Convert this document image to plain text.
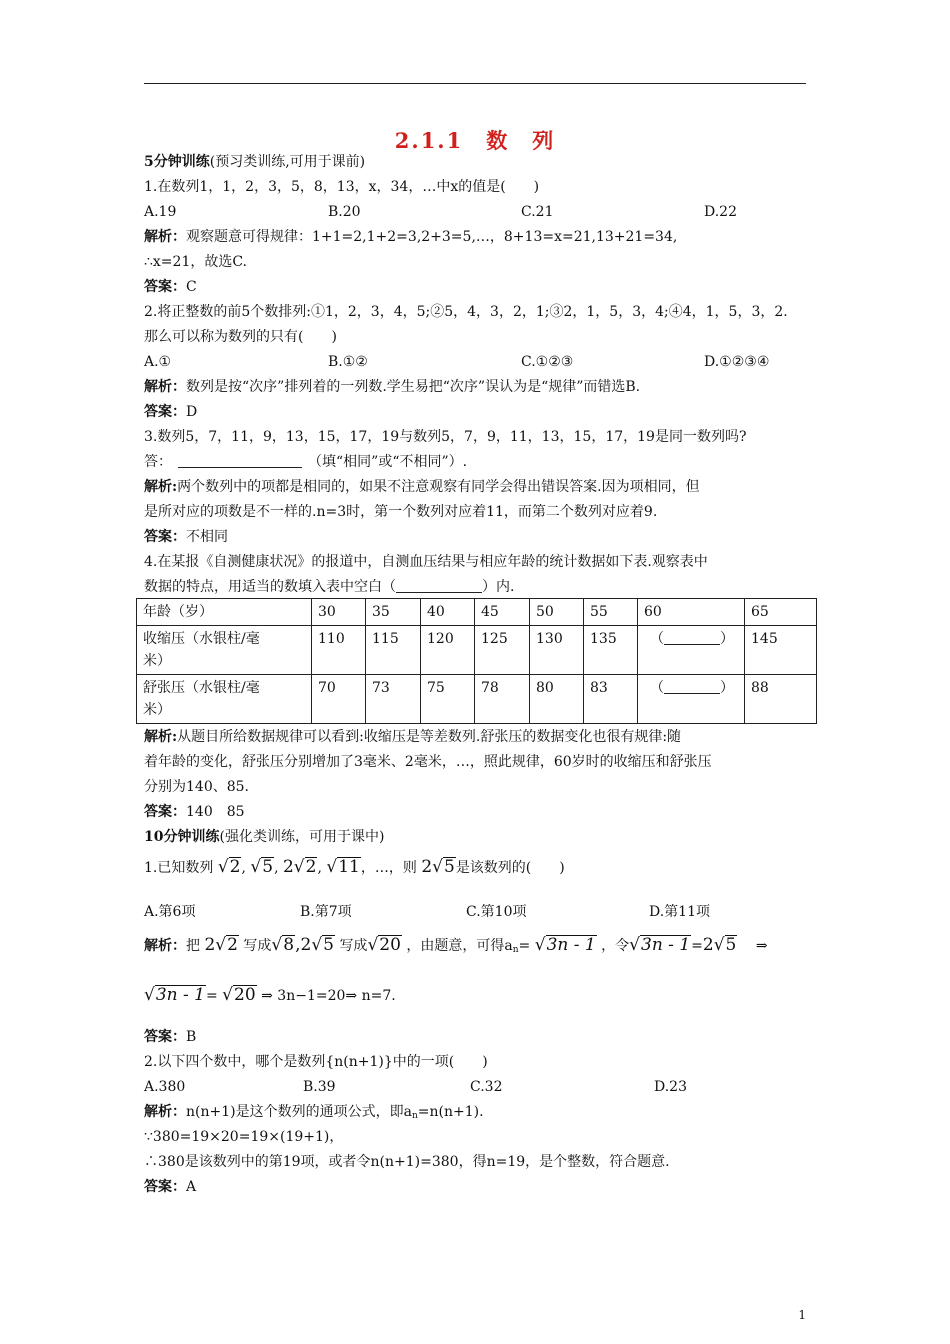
2.1.1　数　列
5分钟训练(预习类训练,可用于课前)
1.在数列1，1，2，3，5，8，13，x，34，…中x的值是(　　)
A.19	B.20	C.21	D.22
解析：观察题意可得规律：1+1=2,1+2=3,2+3=5,…，8+13=x=21,13+21=34,
∴x=21，故选C.
答案：C
2.将正整数的前5个数排列:①1，2，3，4，5;②5，4，3，2，1;③2，1，5，3，4;④4，1，5，3，2.
那么可以称为数列的只有(　　)
A.①	B.①②	C.①②③	D.①②③④
解析：数列是按“次序”排列着的一列数.学生易把“次序”误认为是“规律”而错选B.
答案：D
3.数列5，7，11，9，13，15，17，19与数列5，7，9，11，13，15，17，19是同一数列吗?
答：	（填“相同”或“不相同”）.
解析:两个数列中的项都是相同的，如果不注意观察有同学会得出错误答案.因为项相同，但
是所对应的项数是不一样的.n=3时，第一个数列对应着11，而第二个数列对应着9.
答案：不相同
4.在某报《自测健康状况》的报道中，自测血压结果与相应年龄的统计数据如下表.观察表中
数据的特点，用适当的数填入表中空白（	）内.
年龄（岁）	30	35	40	45	50	55	60	65
收缩压（水银柱/毫
米）	110	115	120	125	130	135	（ ）	145
舒张压（水银柱/毫
米）	70	73	75	78	80	83	（ ）	88
解析:从题目所给数据规律可以看到:收缩压是等差数列.舒张压的数据变化也很有规律:随
着年龄的变化，舒张压分别增加了3毫米、2毫米，…，照此规律，60岁时的收缩压和舒张压
分别为140、85.
答案：140　85
10分钟训练(强化类训练，可用于课中)
1.已知数列 √2, √5, 2√2, √11，…，则 2√5是该数列的(　　)
A.第6项	B.第7项	C.第10项	D.第11项
解析：把 2√2 写成√8,2√5 写成√20 ，由题意，可得$a_n= √3n - 1$ ，令√3n - 1=2√5 ⇒
√3n - 1= √20 ⇒ 3n−1=20⇒ n=7.
答案：B
2.以下四个数中，哪个是数列{n(n+1)}中的一项(　　)
A.380	B.39	C.32	D.23
解析：n(n+1)是这个数列的通项公式，即$a_n=n(n+1)$.
∵380=19×20=19×(19+1)，
∴380是该数列中的第19项，或者令n(n+1)=380，得n=19，是个整数，符合题意.
答案：A
1
